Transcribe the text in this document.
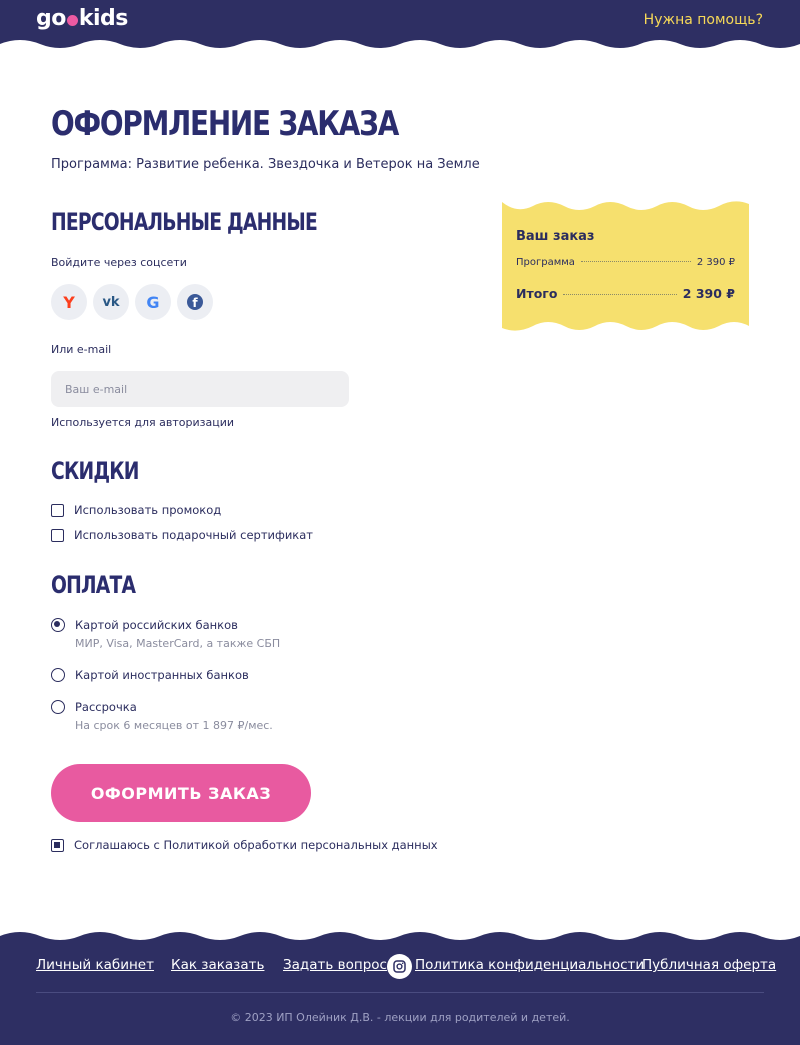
go kids	Нужна помощь?
ОФОРМЛЕНИЕ ЗАКАЗА
Программа: Развитие ребенка. Звездочка и Ветерок на Земле
ПЕРСОНАЛЬНЫЕ ДАННЫЕ
Войдите через соцсети
Y vk G	f
Или e-mail
Ваш e-mail
Используется для авторизации
СКИДКИ
Использовать промокод
Использовать подарочный сертификат
ОПЛАТА
Картой российских банков
МИР, Visa, MasterCard, а также СБП
Картой иностранных банков
Рассрочка
На срок 6 месяцев от 1 897 ₽/мес.
ОФОРМИТЬ ЗАКАЗ
Соглашаюсь с Политикой обработки персональных данных
Ваш заказ
Программа	2 390 ₽
Итого	2 390 ₽
Личный кабинет Как заказать Задать вопрос Политика конфиденциальности
Публичная оферта
© 2023 ИП Олейник Д.В. - лекции для родителей и детей.
